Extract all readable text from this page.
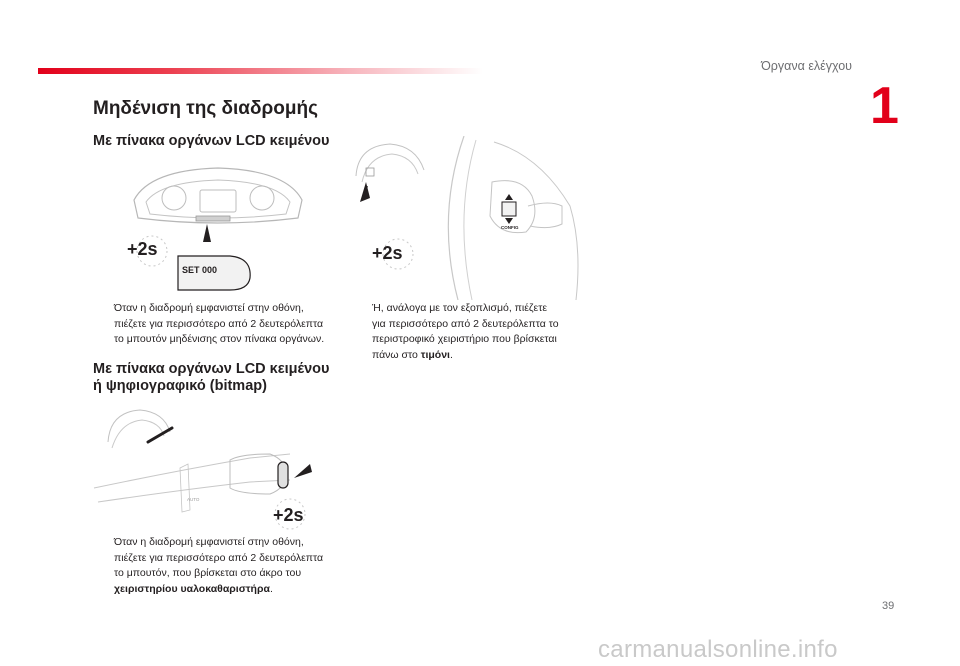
Όργανα ελέγχου
1
Μηδένιση της διαδρομής
Με πίνακα οργάνων LCD κειμένου
SET 000
+2s
Όταν η διαδρομή εμφανιστεί στην οθόνη,
πιέζετε για περισσότερο από 2 δευτερόλεπτα
το μπουτόν μηδένισης στον πίνακα οργάνων.
Με πίνακα οργάνων LCD κειμένου
ή ψηφιογραφικό (bitmap)
AUTO
+2s
Όταν η διαδρομή εμφανιστεί στην οθόνη,
πιέζετε για περισσότερο από 2 δευτερόλεπτα
το μπουτόν, που βρίσκεται στο άκρο του
χειριστηρίου υαλοκαθαριστήρα.
CONFIG
+2s
Ή, ανάλογα με τον εξοπλισμό, πιέζετε
για περισσότερο από 2 δευτερόλεπτα το
περιστροφικό χειριστήριο που βρίσκεται
πάνω στο τιμόνι.
39
carmanualsonline.info
